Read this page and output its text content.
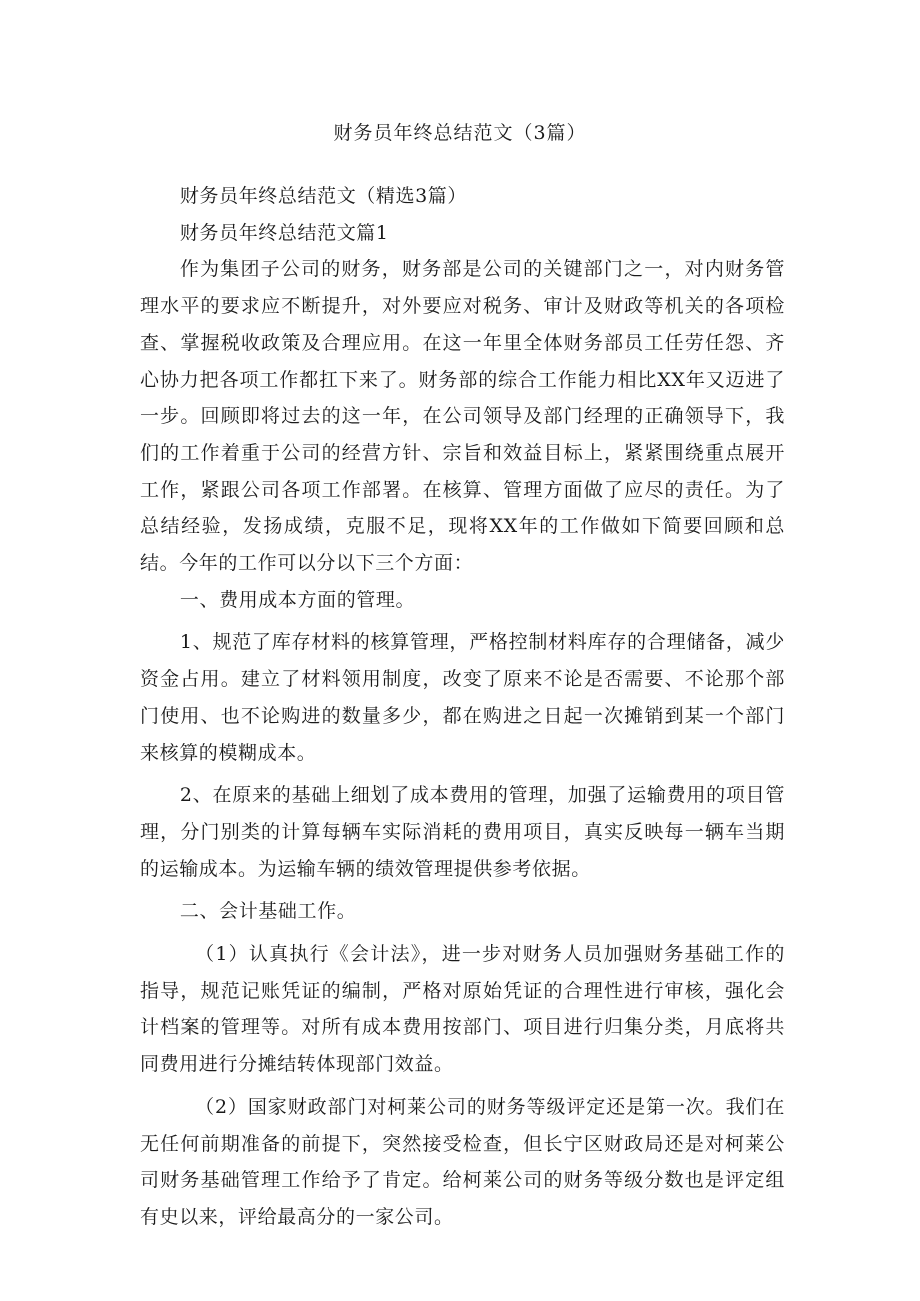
财务员年终总结范文（3篇）

财务员年终总结范文（精选3篇）

财务员年终总结范文篇1

作为集团子公司的财务，财务部是公司的关键部门之一，对内财务管理水平的要求应不断提升，对外要应对税务、审计及财政等机关的各项检查、掌握税收政策及合理应用。在这一年里全体财务部员工任劳任怨、齐心协力把各项工作都扛下来了。财务部的综合工作能力相比XX年又迈进了一步。回顾即将过去的这一年，在公司领导及部门经理的正确领导下，我们的工作着重于公司的经营方针、宗旨和效益目标上，紧紧围绕重点展开工作，紧跟公司各项工作部署。在核算、管理方面做了应尽的责任。为了总结经验，发扬成绩，克服不足，现将XX年的工作做如下简要回顾和总结。今年的工作可以分以下三个方面：

一、费用成本方面的管理。

1、规范了库存材料的核算管理，严格控制材料库存的合理储备，减少资金占用。建立了材料领用制度，改变了原来不论是否需要、不论那个部门使用、也不论购进的数量多少，都在购进之日起一次摊销到某一个部门来核算的模糊成本。

2、在原来的基础上细划了成本费用的管理，加强了运输费用的项目管理，分门别类的计算每辆车实际消耗的费用项目，真实反映每一辆车当期的运输成本。为运输车辆的绩效管理提供参考依据。

二、会计基础工作。

（1）认真执行《会计法》，进一步对财务人员加强财务基础工作的指导，规范记账凭证的编制，严格对原始凭证的合理性进行审核，强化会计档案的管理等。对所有成本费用按部门、项目进行归集分类，月底将共同费用进行分摊结转体现部门效益。

（2）国家财政部门对柯莱公司的财务等级评定还是第一次。我们在无任何前期准备的前提下，突然接受检查，但长宁区财政局还是对柯莱公司财务基础管理工作给予了肯定。给柯莱公司的财务等级分数也是评定组有史以来，评给最高分的一家公司。
